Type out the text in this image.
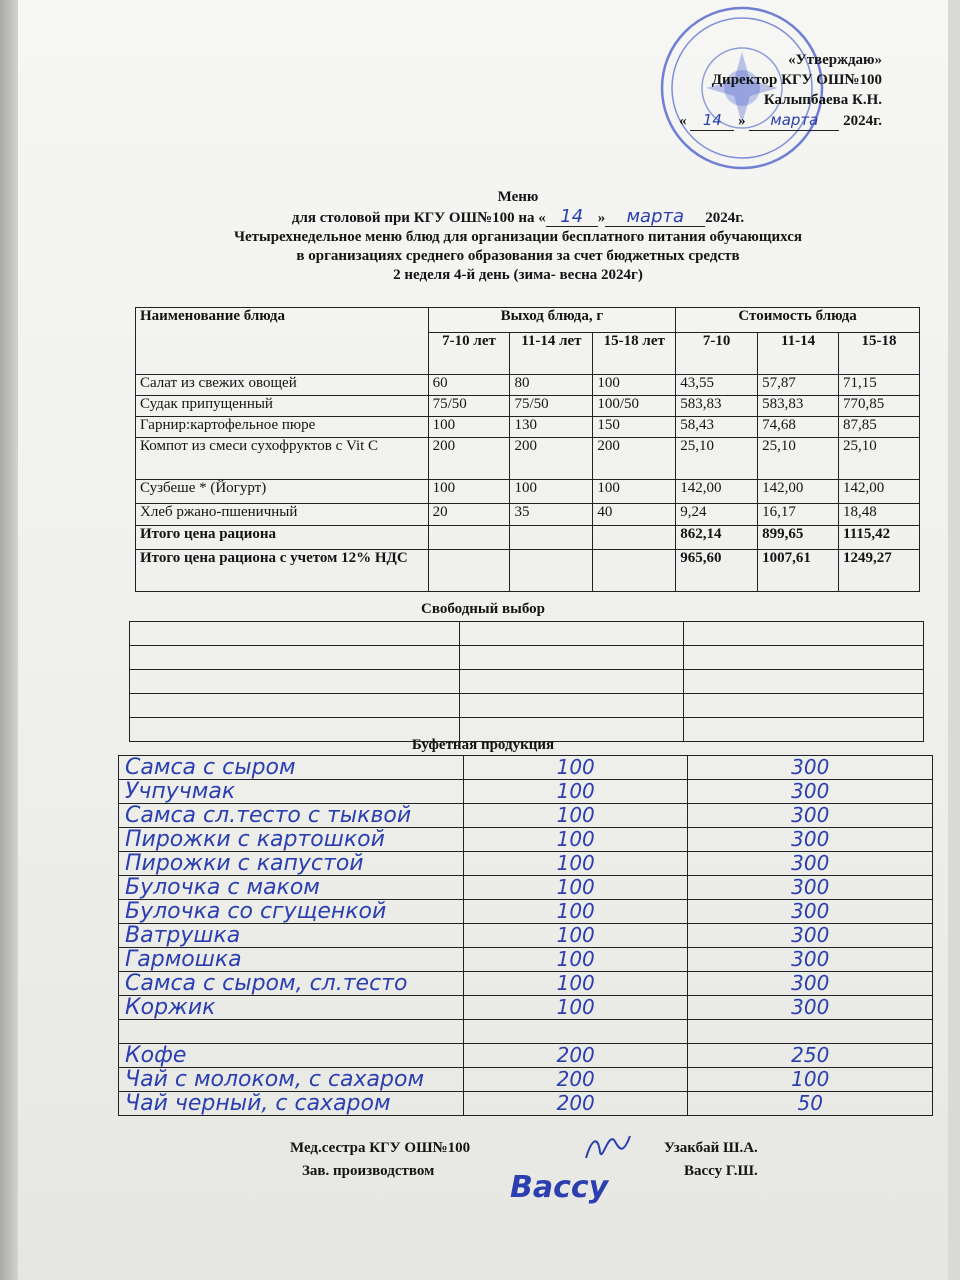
«Утверждаю»
Директор КГУ ОШ№100
Калыпбаева К.Н.
« 14 » марта 2024г.
Меню
для столовой при КГУ ОШ№100 на « 14 » марта 2024г.
Четырехнедельное меню блюд для организации бесплатного питания обучающихся
в организациях среднего образования за счет бюджетных средств
2 неделя 4-й день (зима- весна 2024г)
Наименование блюда	Выход блюда, г			Стоимость блюда		
	7-10 лет	11-14 лет	15-18 лет	7-10	11-14	15-18
Салат из свежих овощей	60	80	100	43,55	57,87	71,15
Судак припущенный	75/50	75/50	100/50	583,83	583,83	770,85
Гарнир:картофельное пюре	100	130	150	58,43	74,68	87,85
Компот из смеси сухофруктов с Vit C	200	200	200	25,10	25,10	25,10
Сузбеше * (Йогурт)	100	100	100	142,00	142,00	142,00
Хлеб ржано-пшеничный	20	35	40	9,24	16,17	18,48
Итого цена рациона				862,14	899,65	1115,42
Итого цена рациона с учетом 12% НДС				965,60	1007,61	1249,27
Свободный выбор

Буфетная продукция
Самса с сыром	100	300
Учпучмак	100	300
Самса сл.тесто с тыквой	100	300
Пирожки с картошкой	100	300
Пирожки с капустой	100	300
Булочка с маком	100	300
Булочка со сгущенкой	100	300
Ватрушка	100	300
Гармошка	100	300
Самса с сыром, сл.тесто	100	300
Коржик	100	300

Кофе	200	250
Чай с молоком, с сахаром	200	100
Чай черный, с сахаром	200	50
Мед.сестра КГУ ОШ№100	Узакбай Ш.А.
Зав. производством	Вассу Г.Ш.
Вассу
